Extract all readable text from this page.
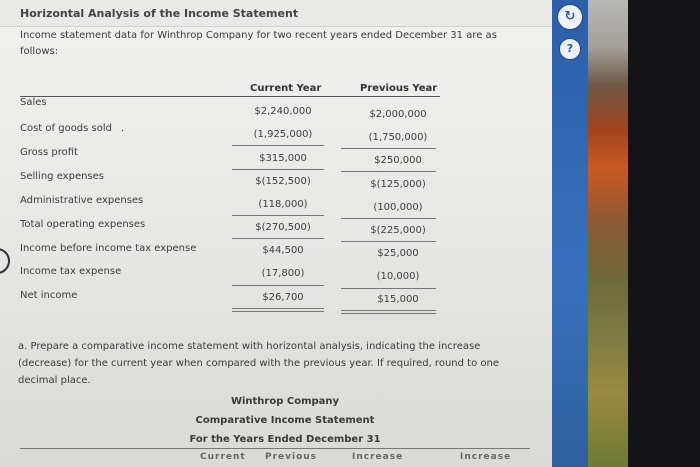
Horizontal Analysis of the Income Statement
Income statement data for Winthrop Company for two recent years ended December 31 are as follows:
Current Year	Previous Year
Sales
$2,240,000	$2,000,000
Cost of goods sold .
(1,925,000)	(1,750,000)
Gross profit
$315,000	$250,000
Selling expenses	$(152,500)	$(125,000)
Administrative expenses	(118,000)	(100,000)
Total operating expenses	$(270,500)	$(225,000)
Income before income tax expense	$44,500	$25,000
Income tax expense	(17,800)	(10,000)
Net income	$26,700	$15,000
a. Prepare a comparative income statement with horizontal analysis, indicating the increase (decrease) for the current year when compared with the previous year. If required, round to one decimal place.
Winthrop Company
Comparative Income Statement
For the Years Ended December 31
Current Previous	Increase	Increase
↻
?
